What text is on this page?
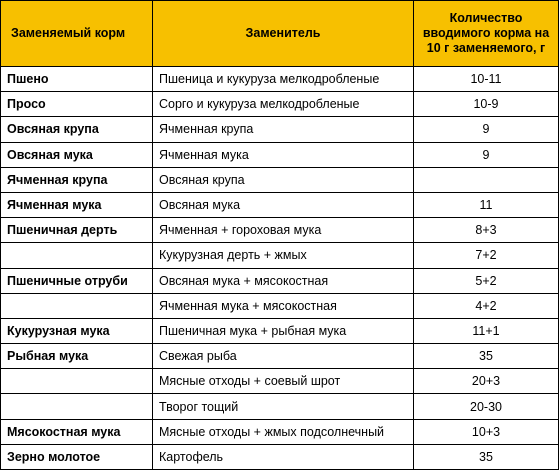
Заменяемый корм	Заменитель	Количество вводимого корма на 10 г заменяемого, г
Пшено	Пшеница и кукуруза мелкодробленые	10-11
Просо	Сорго и кукуруза мелкодробленые	10-9
Овсяная крупа	Ячменная крупа	9
Овсяная мука	Ячменная мука	9
Ячменная крупа	Овсяная крупа	
Ячменная мука	Овсяная мука	11
Пшеничная дерть	Ячменная + гороховая мука	8+3
	Кукурузная дерть + жмых	7+2
Пшеничные отруби	Овсяная мука + мясокостная	5+2
	Ячменная мука + мясокостная	4+2
Кукурузная мука	Пшеничная мука + рыбная мука	11+1
Рыбная мука	Свежая рыба	35
	Мясные отходы + соевый шрот	20+3
	Творог тощий	20-30
Мясокостная мука	Мясные отходы + жмых подсолнечный	10+3
Зерно молотое	Картофель	35
